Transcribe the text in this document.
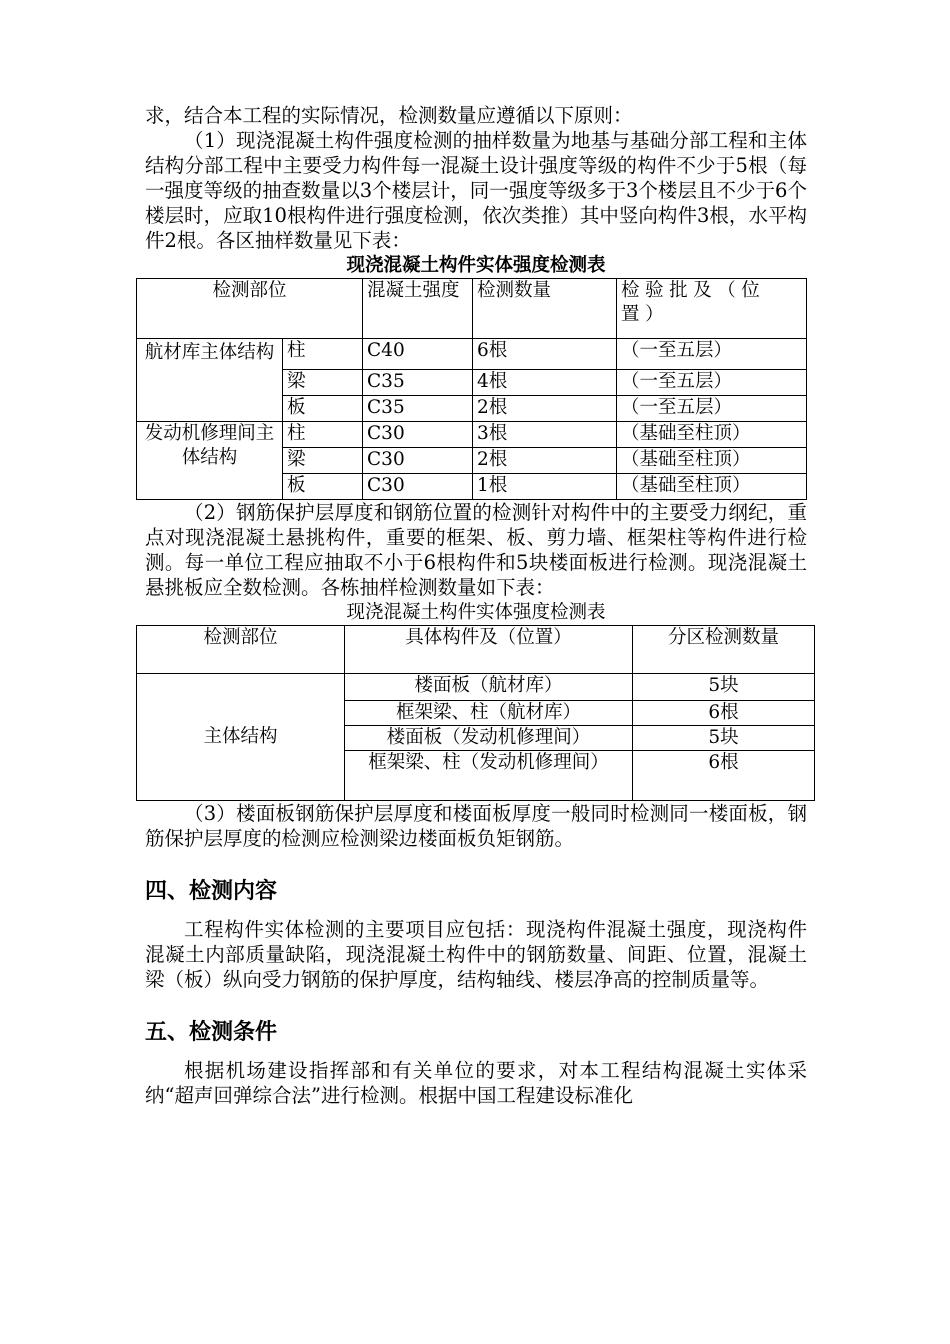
求，结合本工程的实际情况，检测数量应遵循以下原则：

（1）现浇混凝土构件强度检测的抽样数量为地基与基础分部工程和主体结构分部工程中主要受力构件每一混凝土设计强度等级的构件不少于5根（每一强度等级的抽查数量以3个楼层计，同一强度等级多于3个楼层且不少于6个楼层时，应取10根构件进行强度检测，依次类推）其中竖向构件3根，水平构件2根。各区抽样数量见下表：

现浇混凝土构件实体强度检测表

检测部位		混凝土强度	检测数量	检验批及（位置）
航材库主体结构	柱	C40	6根	（一至五层）
	梁	C35	4根	（一至五层）
	板	C35	2根	（一至五层）
发动机修理间主体结构	柱	C30	3根	（基础至柱顶）
	梁	C30	2根	（基础至柱顶）
	板	C30	1根	（基础至柱顶）

（2）钢筋保护层厚度和钢筋位置的检测针对构件中的主要受力纲纪，重点对现浇混凝土悬挑构件，重要的框架、板、剪力墙、框架柱等构件进行检测。每一单位工程应抽取不小于6根构件和5块楼面板进行检测。现浇混凝土悬挑板应全数检测。各栋抽样检测数量如下表：

现浇混凝土构件实体强度检测表

检测部位	具体构件及（位置）	分区检测数量
主体结构	楼面板（航材库）	5块
	框架梁、柱（航材库）	6根
	楼面板（发动机修理间）	5块
	框架梁、柱（发动机修理间）	6根

（3）楼面板钢筋保护层厚度和楼面板厚度一般同时检测同一楼面板，钢筋保护层厚度的检测应检测梁边楼面板负矩钢筋。

四、检测内容

工程构件实体检测的主要项目应包括：现浇构件混凝土强度，现浇构件混凝土内部质量缺陷，现浇混凝土构件中的钢筋数量、间距、位置，混凝土梁（板）纵向受力钢筋的保护厚度，结构轴线、楼层净高的控制质量等。

五、检测条件

根据机场建设指挥部和有关单位的要求，对本工程结构混凝土实体采纳“超声回弹综合法”进行检测。根据中国工程建设标准化
